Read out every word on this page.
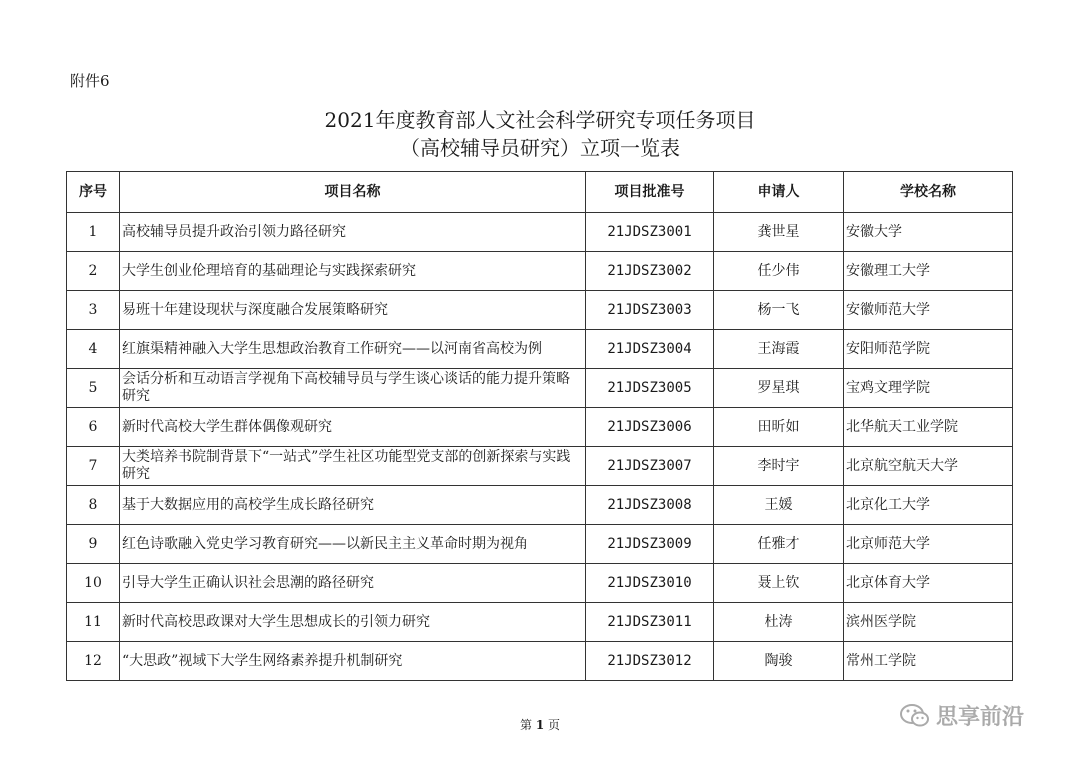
附件6
2021年度教育部人文社会科学研究专项任务项目
（高校辅导员研究）立项一览表
序号	项目名称	项目批准号	申请人	学校名称
1	高校辅导员提升政治引领力路径研究	21JDSZ3001	龚世星	安徽大学
2	大学生创业伦理培育的基础理论与实践探索研究	21JDSZ3002	任少伟	安徽理工大学
3	易班十年建设现状与深度融合发展策略研究	21JDSZ3003	杨一飞	安徽师范大学
4	红旗渠精神融入大学生思想政治教育工作研究——以河南省高校为例	21JDSZ3004	王海霞	安阳师范学院
5	会话分析和互动语言学视角下高校辅导员与学生谈心谈话的能力提升策略研究	21JDSZ3005	罗星琪	宝鸡文理学院
6	新时代高校大学生群体偶像观研究	21JDSZ3006	田昕如	北华航天工业学院
7	大类培养书院制背景下“一站式”学生社区功能型党支部的创新探索与实践研究	21JDSZ3007	李时宇	北京航空航天大学
8	基于大数据应用的高校学生成长路径研究	21JDSZ3008	王媛	北京化工大学
9	红色诗歌融入党史学习教育研究——以新民主主义革命时期为视角	21JDSZ3009	任雅才	北京师范大学
10	引导大学生正确认识社会思潮的路径研究	21JDSZ3010	聂上钦	北京体育大学
11	新时代高校思政课对大学生思想成长的引领力研究	21JDSZ3011	杜涛	滨州医学院
12	“大思政”视域下大学生网络素养提升机制研究	21JDSZ3012	陶骏	常州工学院
第 1 页	思享前沿
